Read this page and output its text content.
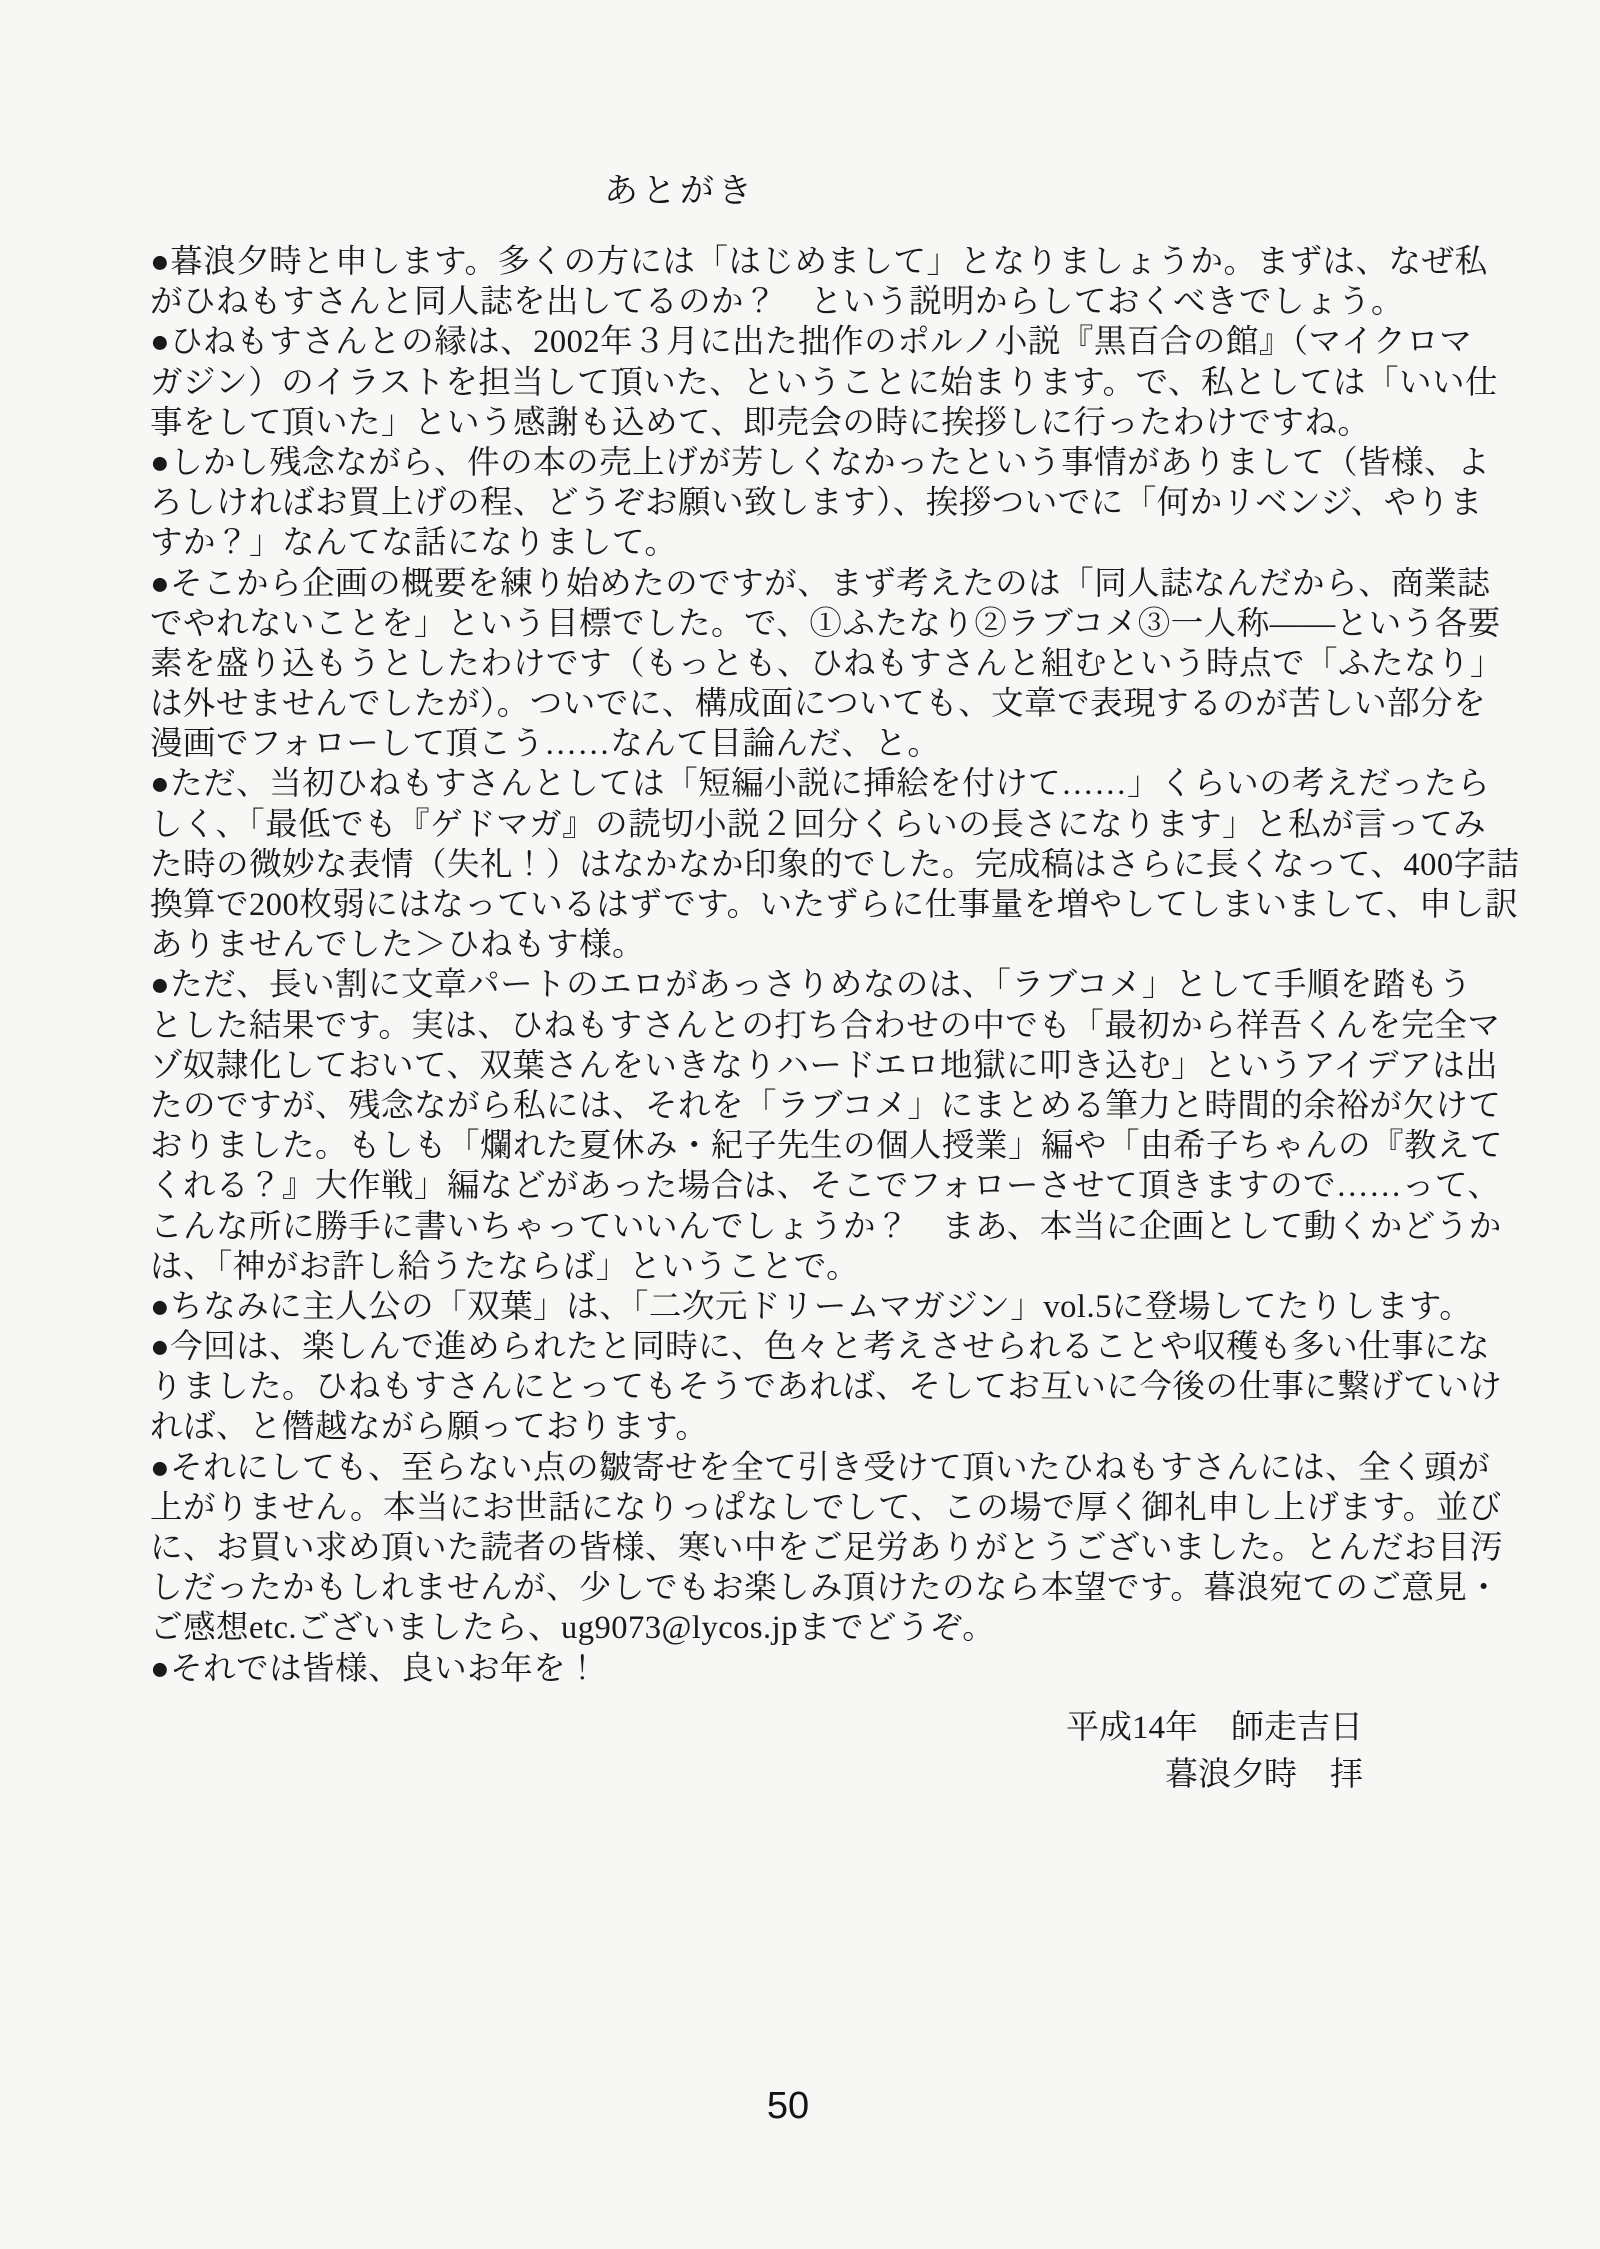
あとがき
●暮浪夕時と申します。多くの方には「はじめまして」となりましょうか。まずは、なぜ私
がひねもすさんと同人誌を出してるのか？　という説明からしておくべきでしょう。
●ひねもすさんとの縁は、2002年３月に出た拙作のポルノ小説『黒百合の館』（マイクロマ
ガジン）のイラストを担当して頂いた、ということに始まります。で、私としては「いい仕
事をして頂いた」という感謝も込めて、即売会の時に挨拶しに行ったわけですね。
●しかし残念ながら、件の本の売上げが芳しくなかったという事情がありまして（皆様、よ
ろしければお買上げの程、どうぞお願い致します）、挨拶ついでに「何かリベンジ、やりま
すか？」なんてな話になりまして。
●そこから企画の概要を練り始めたのですが、まず考えたのは「同人誌なんだから、商業誌
でやれないことを」という目標でした。で、①ふたなり②ラブコメ③一人称――という各要
素を盛り込もうとしたわけです（もっとも、ひねもすさんと組むという時点で「ふたなり」
は外せませんでしたが）。ついでに、構成面についても、文章で表現するのが苦しい部分を
漫画でフォローして頂こう……なんて目論んだ、と。
●ただ、当初ひねもすさんとしては「短編小説に挿絵を付けて……」くらいの考えだったら
しく、「最低でも『ゲドマガ』の読切小説２回分くらいの長さになります」と私が言ってみ
た時の微妙な表情（失礼！）はなかなか印象的でした。完成稿はさらに長くなって、400字詰
換算で200枚弱にはなっているはずです。いたずらに仕事量を増やしてしまいまして、申し訳
ありませんでした＞ひねもす様。
●ただ、長い割に文章パートのエロがあっさりめなのは、「ラブコメ」として手順を踏もう
とした結果です。実は、ひねもすさんとの打ち合わせの中でも「最初から祥吾くんを完全マ
ゾ奴隷化しておいて、双葉さんをいきなりハードエロ地獄に叩き込む」というアイデアは出
たのですが、残念ながら私には、それを「ラブコメ」にまとめる筆力と時間的余裕が欠けて
おりました。もしも「爛れた夏休み・紀子先生の個人授業」編や「由希子ちゃんの『教えて
くれる？』大作戦」編などがあった場合は、そこでフォローさせて頂きますので……って、
こんな所に勝手に書いちゃっていいんでしょうか？　まあ、本当に企画として動くかどうか
は、「神がお許し給うたならば」ということで。
●ちなみに主人公の「双葉」は、「二次元ドリームマガジン」vol.5に登場してたりします。
●今回は、楽しんで進められたと同時に、色々と考えさせられることや収穫も多い仕事にな
りました。ひねもすさんにとってもそうであれば、そしてお互いに今後の仕事に繋げていけ
れば、と僭越ながら願っております。
●それにしても、至らない点の皺寄せを全て引き受けて頂いたひねもすさんには、全く頭が
上がりません。本当にお世話になりっぱなしでして、この場で厚く御礼申し上げます。並び
に、お買い求め頂いた読者の皆様、寒い中をご足労ありがとうございました。とんだお目汚
しだったかもしれませんが、少しでもお楽しみ頂けたのなら本望です。暮浪宛てのご意見・
ご感想etc.ございましたら、ug9073@lycos.jpまでどうぞ。
●それでは皆様、良いお年を！
平成14年　師走吉日
暮浪夕時　拝
50
